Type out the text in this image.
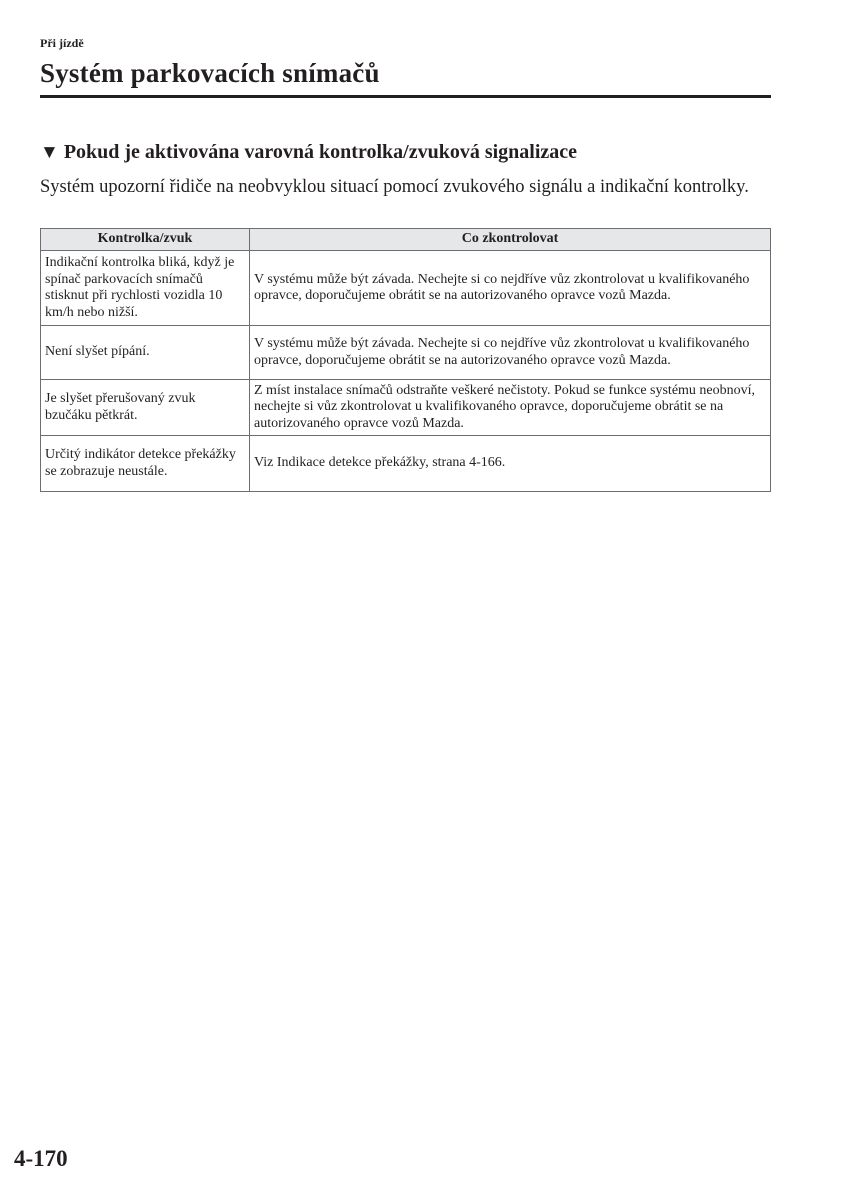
Při jízdě
Systém parkovacích snímačů
▼ Pokud je aktivována varovná kontrolka/zvuková signalizace

Systém upozorní řidiče na neobvyklou situací pomocí zvukového signálu a indikační kontrolky.

Kontrolka/zvuk	Co zkontrolovat
Indikační kontrolka bliká, když je spínač parkovacích snímačů stisknut při rychlosti vozidla 10 km/h nebo nižší.	V systému může být závada. Nechejte si co nejdříve vůz zkontrolovat u kvalifikovaného opravce, doporučujeme obrátit se na autorizovaného opravce vozů Mazda.
Není slyšet pípání.	V systému může být závada. Nechejte si co nejdříve vůz zkontrolovat u kvalifikovaného opravce, doporučujeme obrátit se na autorizovaného opravce vozů Mazda.
Je slyšet přerušovaný zvuk bzučáku pětkrát.	Z míst instalace snímačů odstraňte veškeré nečistoty. Pokud se funkce systému neobnoví, nechejte si vůz zkontrolovat u kvalifikovaného opravce, doporučujeme obrátit se na autorizovaného opravce vozů Mazda.
Určitý indikátor detekce překážky se zobrazuje neustále.	Viz Indikace detekce překážky, strana 4-166.
4-170
